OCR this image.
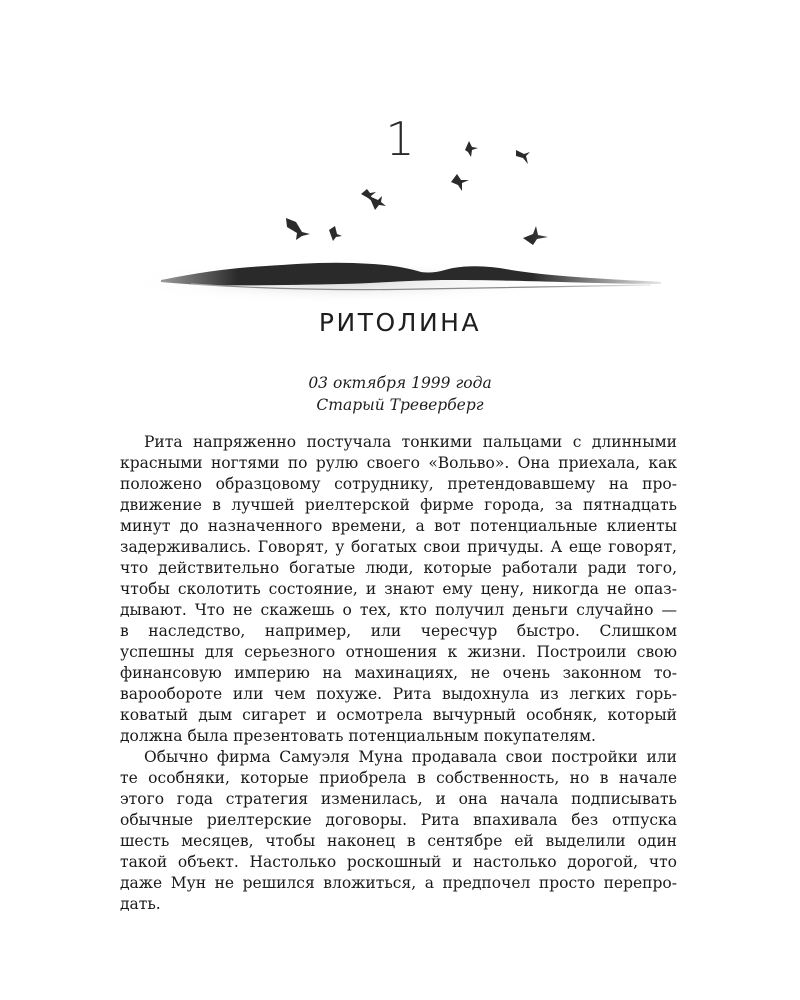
1
РИТОЛИНА
03 октября 1999 года
Старый Треверберг
Рита напряженно постучала тонкими пальцами с длинными
красными ногтями по рулю своего «Вольво». Она приехала, как
положено образцовому сотруднику, претендовавшему на про-
движение в лучшей риелтерской фирме города, за пятнадцать
минут до назначенного времени, а вот потенциальные клиенты
задерживались. Говорят, у богатых свои причуды. А еще говорят,
что действительно богатые люди, которые работали ради того,
чтобы сколотить состояние, и знают ему цену, никогда не опаз-
дывают. Что не скажешь о тех, кто получил деньги случайно —
в наследство, например, или чересчур быстро. Слишком
успешны для серьезного отношения к жизни. Построили свою
финансовую империю на махинациях, не очень законном то-
варообороте или чем похуже. Рита выдохнула из легких горь-
коватый дым сигарет и осмотрела вычурный особняк, который
должна была презентовать потенциальным покупателям.
Обычно фирма Самуэля Муна продавала свои постройки или
те особняки, которые приобрела в собственность, но в начале
этого года стратегия изменилась, и она начала подписывать
обычные риелтерские договоры. Рита впахивала без отпуска
шесть месяцев, чтобы наконец в сентябре ей выделили один
такой объект. Настолько роскошный и настолько дорогой, что
даже Мун не решился вложиться, а предпочел просто перепро-
дать.
